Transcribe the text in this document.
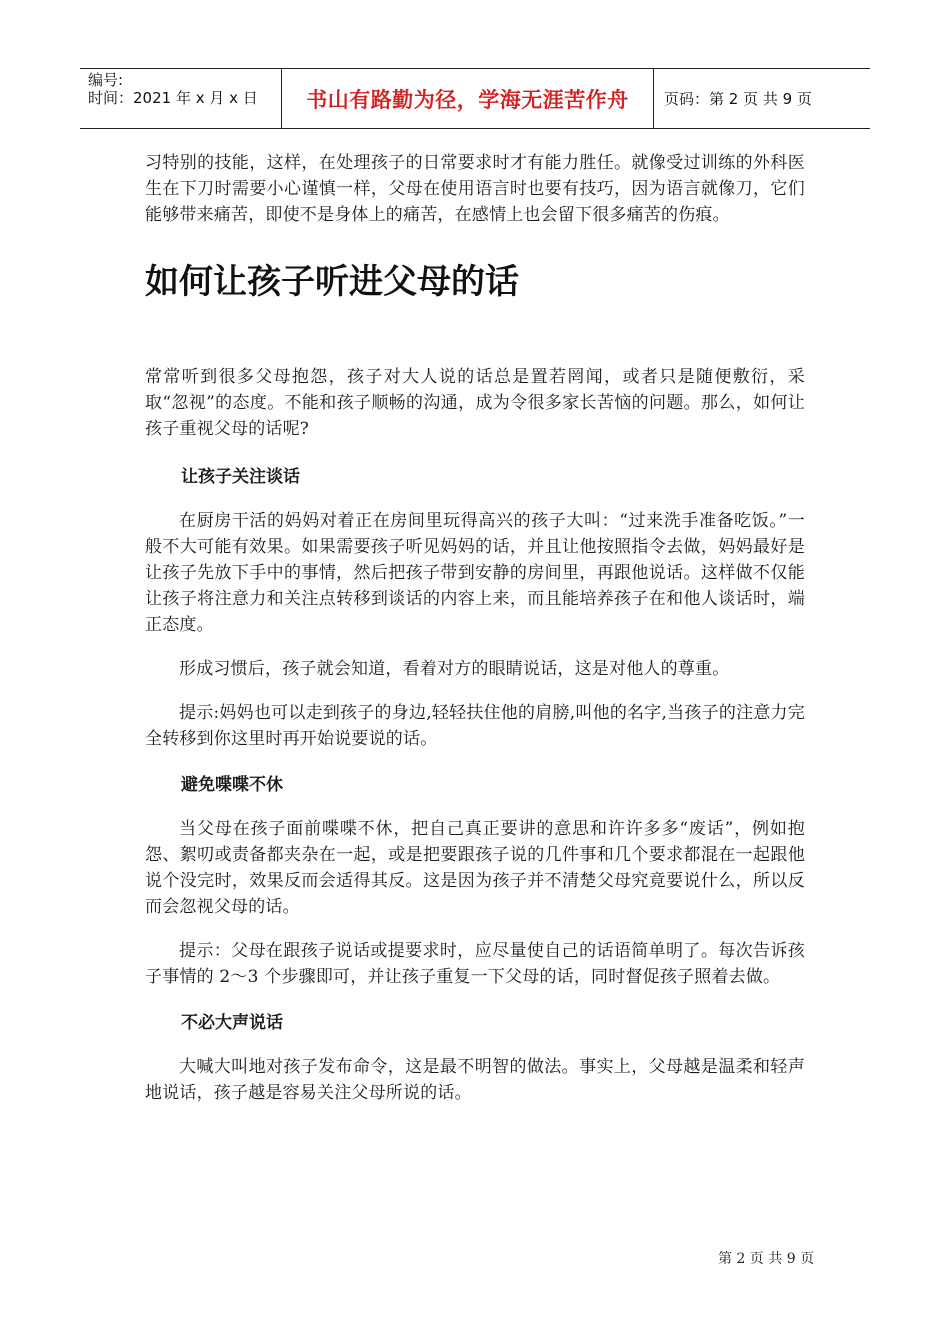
编号:
时间：2021 年 x 月 x 日	书山有路勤为径，学海无涯苦作舟	页码：第 2 页 共 9 页

习特别的技能，这样，在处理孩子的日常要求时才有能力胜任。就像受过训练的外科医生在下刀时需要小心谨慎一样，父母在使用语言时也要有技巧，因为语言就像刀，它们能够带来痛苦，即使不是身体上的痛苦，在感情上也会留下很多痛苦的伤痕。

如何让孩子听进父母的话

常常听到很多父母抱怨，孩子对大人说的话总是置若罔闻，或者只是随便敷衍，采取“忽视”的态度。不能和孩子顺畅的沟通，成为令很多家长苦恼的问题。那么，如何让孩子重视父母的话呢?

让孩子关注谈话

在厨房干活的妈妈对着正在房间里玩得高兴的孩子大叫：“过来洗手准备吃饭。”一般不大可能有效果。如果需要孩子听见妈妈的话，并且让他按照指令去做，妈妈最好是让孩子先放下手中的事情，然后把孩子带到安静的房间里，再跟他说话。这样做不仅能让孩子将注意力和关注点转移到谈话的内容上来，而且能培养孩子在和他人谈话时，端正态度。

形成习惯后，孩子就会知道，看着对方的眼睛说话，这是对他人的尊重。

提示:妈妈也可以走到孩子的身边,轻轻扶住他的肩膀,叫他的名字,当孩子的注意力完全转移到你这里时再开始说要说的话。

避免喋喋不休

当父母在孩子面前喋喋不休，把自己真正要讲的意思和许许多多“废话”，例如抱怨、絮叨或责备都夹杂在一起，或是把要跟孩子说的几件事和几个要求都混在一起跟他说个没完时，效果反而会适得其反。这是因为孩子并不清楚父母究竟要说什么，所以反而会忽视父母的话。

提示：父母在跟孩子说话或提要求时，应尽量使自己的话语简单明了。每次告诉孩子事情的 2～3 个步骤即可，并让孩子重复一下父母的话，同时督促孩子照着去做。

不必大声说话

大喊大叫地对孩子发布命令，这是最不明智的做法。事实上，父母越是温柔和轻声地说话，孩子越是容易关注父母所说的话。

第 2 页 共 9 页
